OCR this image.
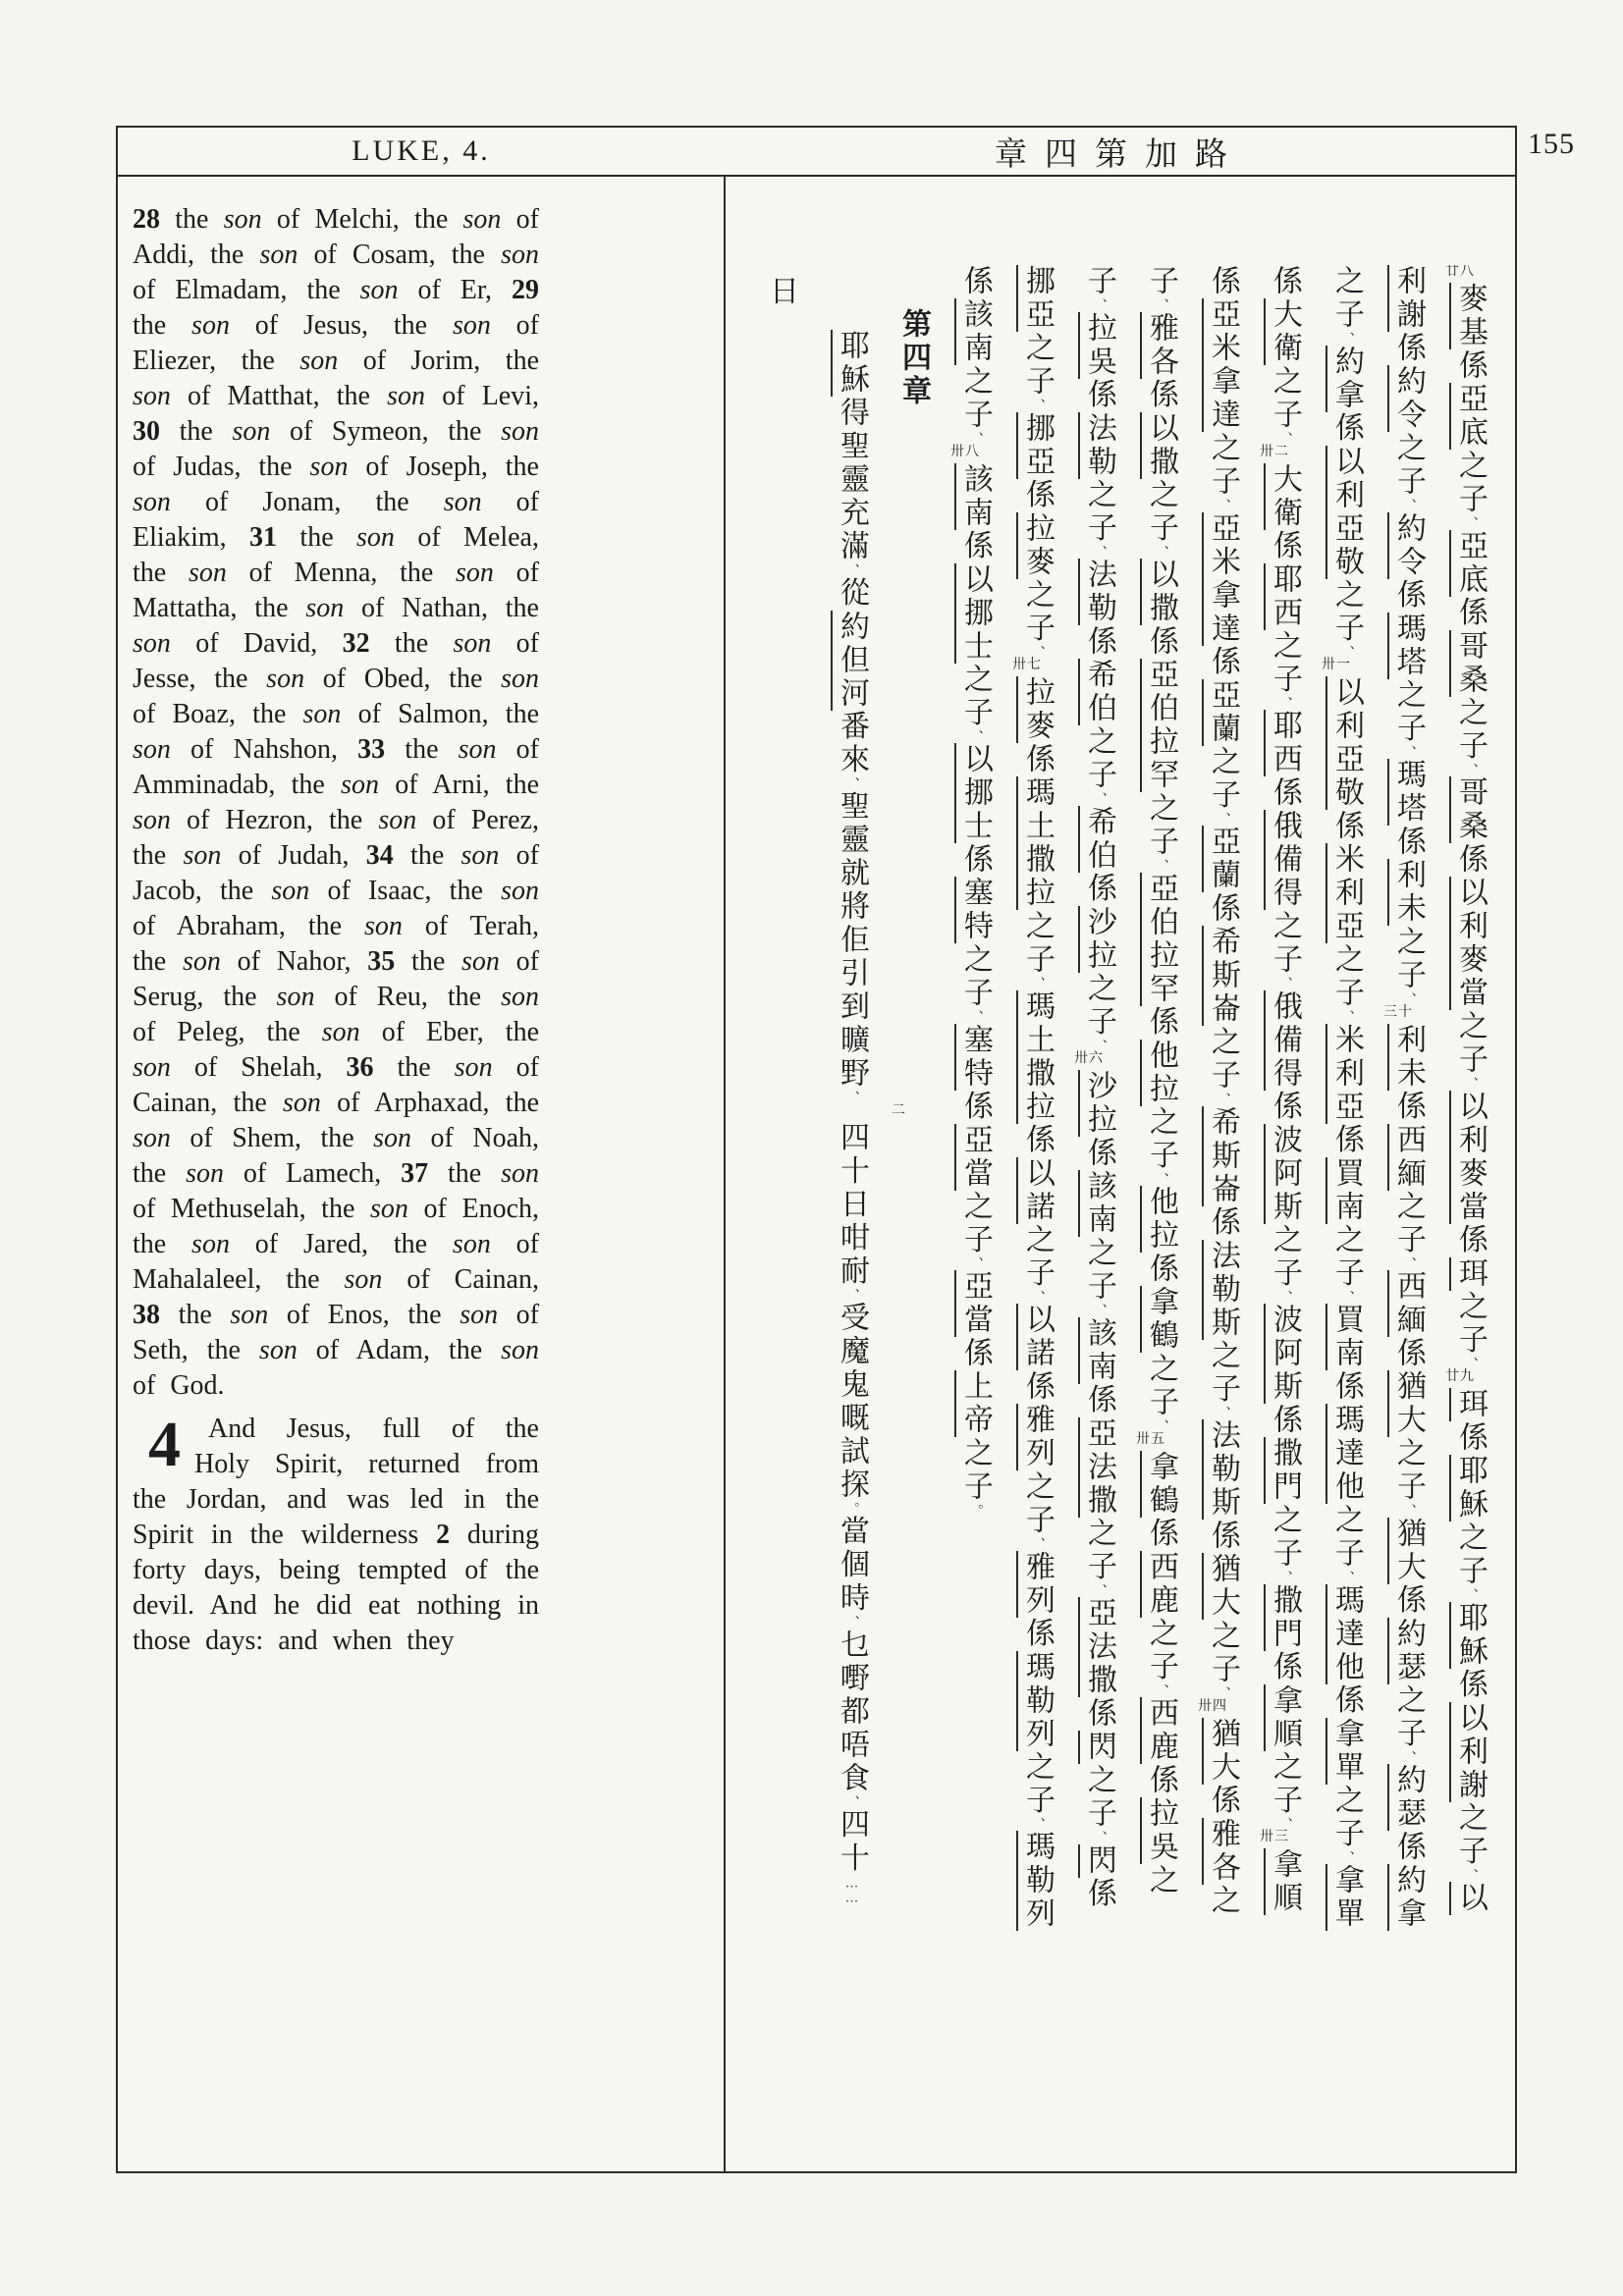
155
LUKE, 4.	章四第加路

28 the son of Melchi, the son of Addi, the son of Cosam, the son of Elmadam, the son of Er, 29 the son of Jesus, the son of Eliezer, the son of Jorim, the son of Matthat, the son of Levi, 30 the son of Symeon, the son of Judas, the son of Joseph, the son of Jonam, the son of Eliakim, 31 the son of Melea, the son of Menna, the son of Mattatha, the son of Nathan, the son of David, 32 the son of Jesse, the son of Obed, the son of Boaz, the son of Salmon, the son of Nahshon, 33 the son of Amminadab, the son of Arni, the son of Hezron, the son of Perez, the son of Judah, 34 the son of Jacob, the son of Isaac, the son of Abraham, the son of Terah, the son of Nahor, 35 the son of Serug, the son of Reu, the son of Peleg, the son of Eber, the son of Shelah, 36 the son of Cainan, the son of Arphaxad, the son of Shem, the son of Noah, the son of Lamech, 37 the son of Methuselah, the son of Enoch, the son of Jared, the son of Mahalaleel, the son of Cainan, 38 the son of Enos, the son of Seth, the son of Adam, the son of God.

4 And Jesus, full of the Holy Spirit, returned from the Jordan, and was led in the Spirit in the wilderness 2 during forty days, being tempted of the devil. And he did eat nothing in those days: and when they

日
廿八麥基係亞底之子、亞底係哥桑之子、哥桑係以利麥當之子、以利麥當係珥之子、廿九珥係耶穌之子、耶穌係以利謝之子、以利謝係約令之子、約令係瑪塔之子、瑪塔係利未之子、三十利未係西緬之子、西緬係猶大之子、猶大係約瑟之子、約瑟係約拿之子、約拿係以利亞敬之子、卅一以利亞敬係米利亞之子、米利亞係買南之子、買南係瑪達他之子、瑪達他係拿單之子、拿單係大衛之子、卅二大衛係耶西之子、耶西係俄備得之子、俄備得係波阿斯之子、波阿斯係撒門之子、撒門係拿順之子、卅三拿順係亞米拿達之子、亞米拿達係亞蘭之子、亞蘭係希斯崙之子、希斯崙係法勒斯之子、法勒斯係猶大之子、卅四猶大係雅各之子、雅各係以撒之子、以撒係亞伯拉罕之子、亞伯拉罕係他拉之子、他拉係拿鶴之子、卅五拿鶴係西鹿之子、西鹿係拉吳之子、拉吳係法勒之子、法勒係希伯之子、希伯係沙拉之子、卅六沙拉係該南之子、該南係亞法撒之子、亞法撒係閃之子、閃係挪亞之子、挪亞係拉麥之子、卅七拉麥係瑪土撒拉之子、瑪土撒拉係以諾之子、以諾係雅列之子、雅列係瑪勒列之子、瑪勒列係該南之子、卅八該南係以挪士之子、以挪士係塞特之子、塞特係亞當之子、亞當係上帝之子。
第四章
耶穌得聖靈充滿、從約但河番來、聖靈就將佢引到曠野、二四十日咁耐、受魔鬼嘅試探。當個時、乜嘢都唔食、四十……
